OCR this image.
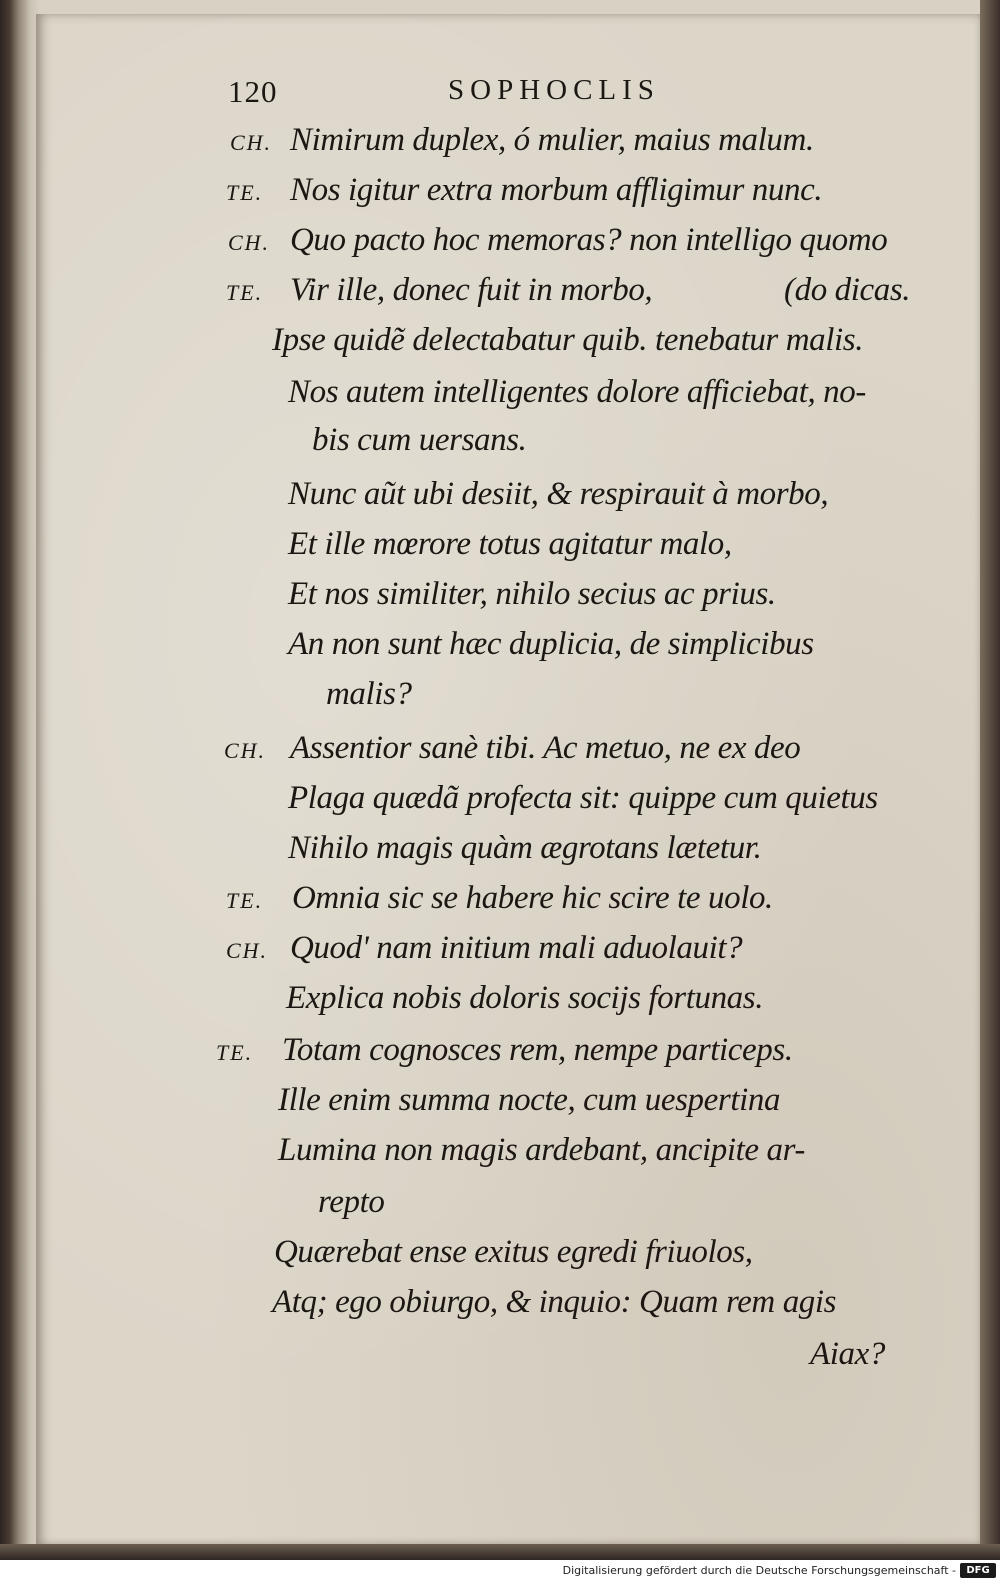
120	SOPHOCLIS
CH. Nimirum duplex, ó mulier, maius malum.
TE. Nos igitur extra morbum affligimur nunc.
CH. Quo pacto hoc memoras? non intelligo quomo
TE. Vir ille, donec fuit in morbo,	(do dicas.
Ipse quidẽ delectabatur quib. tenebatur malis.
Nos autem intelligentes dolore afficiebat, no-
bis cum uersans.
Nunc aũt ubi desiit, & respirauit à morbo,
Et ille mœrore totus agitatur malo,
Et nos similiter, nihilo secius ac prius.
An non sunt hæc duplicia, de simplicibus
malis?
CH. Assentior sanè tibi. Ac metuo, ne ex deo
Plaga quædã profecta sit: quippe cum quietus
Nihilo magis quàm ægrotans lætetur.
TE. Omnia sic se habere hic scire te uolo.
CH. Quod' nam initium mali aduolauit?
Explica nobis doloris socijs fortunas.
TE. Totam cognosces rem, nempe particeps.
Ille enim summa nocte, cum uespertina
Lumina non magis ardebant, ancipite ar-
repto
Quærebat ense exitus egredi friuolos,
Atq; ego obiurgo, & inquio: Quam rem agis
Aiax?
Digitalisierung gefördert durch die Deutsche Forschungsgemeinschaft -	DFG
